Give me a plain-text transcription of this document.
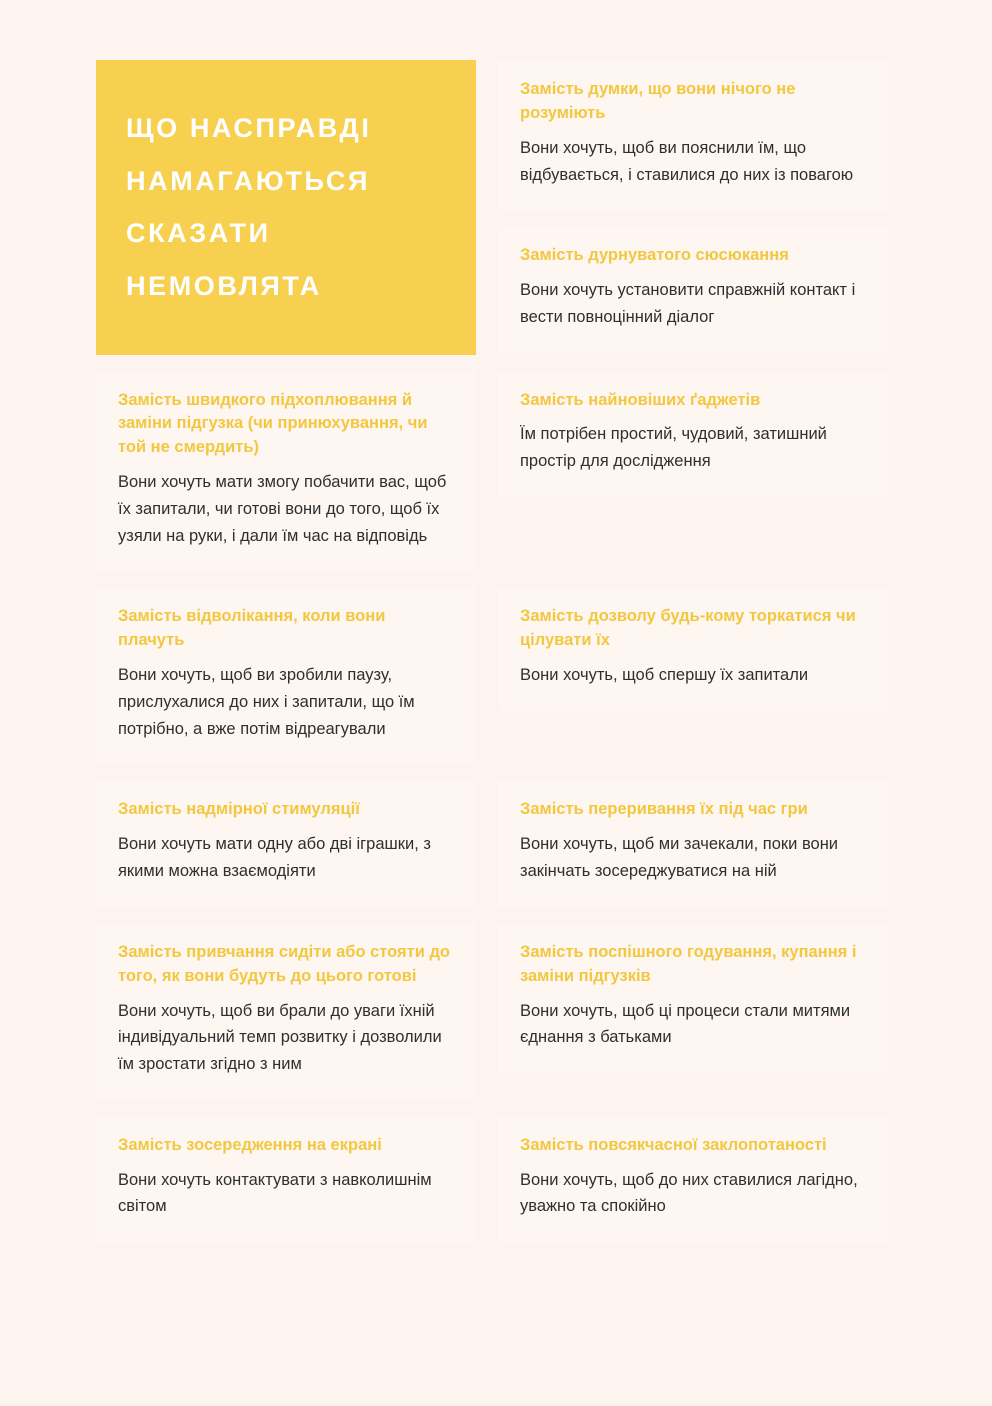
ЩО НАСПРАВДІ НАМАГАЮТЬСЯ СКАЗАТИ НЕМОВЛЯТА
Замість думки, що вони нічого не розуміють

Вони хочуть, щоб ви пояснили їм, що відбувається, і ставилися до них із повагою

Замість дурнуватого сюсюкання

Вони хочуть установити справжній контакт і вести повноцінний діалог

Замість швидкого підхоплювання й заміни підгузка (чи принюхування, чи той не смердить)

Вони хочуть мати змогу побачити вас, щоб їх запитали, чи готові вони до того, щоб їх узяли на руки, і дали їм час на відповідь

Замість найновіших ґаджетів

Їм потрібен простий, чудовий, затишний простір для дослідження

Замість відволікання, коли вони плачуть

Вони хочуть, щоб ви зробили паузу, прислухалися до них і запитали, що їм потрібно, а вже потім відреагували

Замість дозволу будь-кому торкатися чи цілувати їх

Вони хочуть, щоб спершу їх запитали

Замість надмірної стимуляції

Вони хочуть мати одну або дві іграшки, з якими можна взаємодіяти

Замість переривання їх під час гри

Вони хочуть, щоб ми зачекали, поки вони закінчать зосереджуватися на ній

Замість привчання сидіти або стояти до того, як вони будуть до цього готові

Вони хочуть, щоб ви брали до уваги їхній індивідуальний темп розвитку і дозволили їм зростати згідно з ним

Замість поспішного годування, купання і заміни підгузків

Вони хочуть, щоб ці процеси стали митями єднання з батьками

Замість зосередження на екрані

Вони хочуть контактувати з навколишнім світом

Замість повсякчасної заклопотаності

Вони хочуть, щоб до них ставилися лагідно, уважно та спокійно
